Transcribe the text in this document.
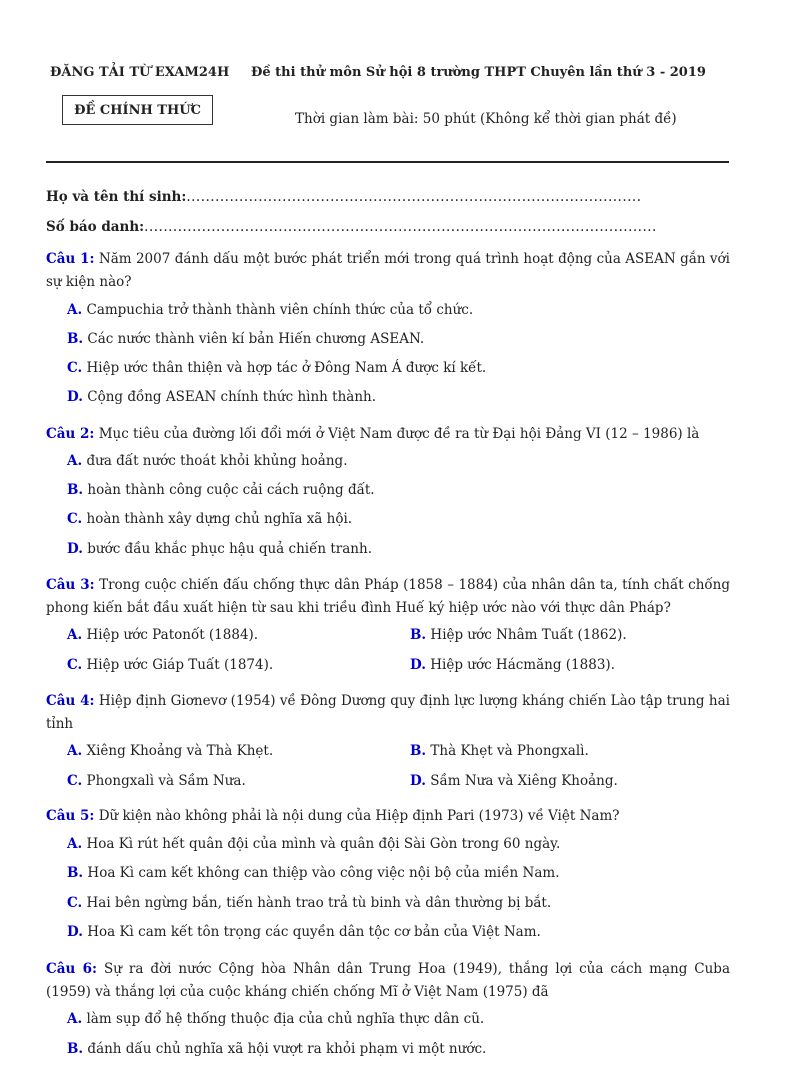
ĐĂNG TẢI TỪ EXAM24H Đề thi thử môn Sử hội 8 trường THPT Chuyên lần thứ 3 - 2019
ĐỀ CHÍNH THỨC
Thời gian làm bài: 50 phút (Không kể thời gian phát đề)
Họ và tên thí sinh:...............................................................................................
Số báo danh:...........................................................................................................
Câu 1: Năm 2007 đánh dấu một bước phát triển mới trong quá trình hoạt động của ASEAN gắn với sự kiện nào?
A. Campuchia trở thành thành viên chính thức của tổ chức.
B. Các nước thành viên kí bản Hiến chương ASEAN.
C. Hiệp ước thân thiện và hợp tác ở Đông Nam Á được kí kết.
D. Cộng đồng ASEAN chính thức hình thành.
Câu 2: Mục tiêu của đường lối đổi mới ở Việt Nam được đề ra từ Đại hội Đảng VI (12 – 1986) là
A. đưa đất nước thoát khỏi khủng hoảng.
B. hoàn thành công cuộc cải cách ruộng đất.
C. hoàn thành xây dựng chủ nghĩa xã hội.
D. bước đầu khắc phục hậu quả chiến tranh.
Câu 3: Trong cuộc chiến đấu chống thực dân Pháp (1858 – 1884) của nhân dân ta, tính chất chống phong kiến bắt đầu xuất hiện từ sau khi triều đình Huế ký hiệp ước nào với thực dân Pháp?
A. Hiệp ước Patonốt (1884).	B. Hiệp ước Nhâm Tuất (1862).
C. Hiệp ước Giáp Tuất (1874).	D. Hiệp ước Hácmăng (1883).
Câu 4: Hiệp định Giơnevơ (1954) về Đông Dương quy định lực lượng kháng chiến Lào tập trung hai tỉnh
A. Xiêng Khoảng và Thà Khẹt.	B. Thà Khẹt và Phongxalì.
C. Phongxalì và Sầm Nưa.	D. Sầm Nưa và Xiêng Khoảng.
Câu 5: Dữ kiện nào không phải là nội dung của Hiệp định Pari (1973) về Việt Nam?
A. Hoa Kì rút hết quân đội của mình và quân đội Sài Gòn trong 60 ngày.
B. Hoa Kì cam kết không can thiệp vào công việc nội bộ của miền Nam.
C. Hai bên ngừng bắn, tiến hành trao trả tù binh và dân thường bị bắt.
D. Hoa Kì cam kết tôn trọng các quyền dân tộc cơ bản của Việt Nam.
Câu 6: Sự ra đời nước Cộng hòa Nhân dân Trung Hoa (1949), thắng lợi của cách mạng Cuba (1959) và thắng lợi của cuộc kháng chiến chống Mĩ ở Việt Nam (1975) đã
A. làm sụp đổ hệ thống thuộc địa của chủ nghĩa thực dân cũ.
B. đánh dấu chủ nghĩa xã hội vượt ra khỏi phạm vi một nước.
